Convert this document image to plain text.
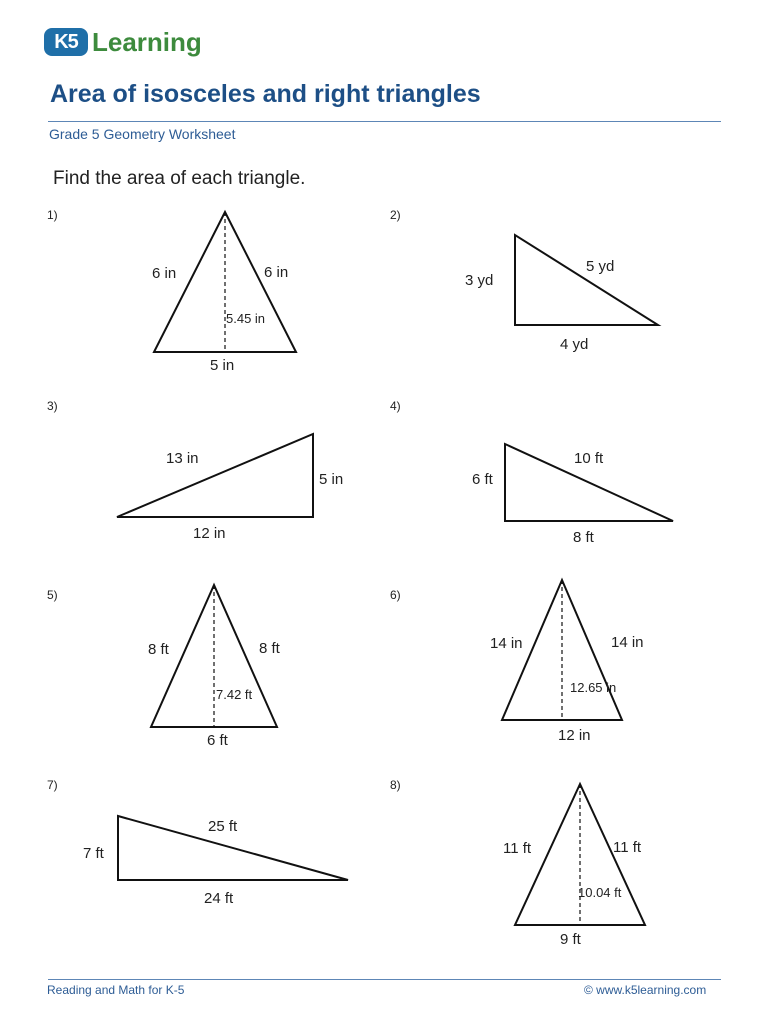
K5 Learning
Area of isosceles and right triangles
Grade 5 Geometry Worksheet
Find the area of each triangle.
1)	2)
3)	4)
5)	6)
7)	8)
6 in	6 in
5.45 in
5 in
3 yd
5 yd
4 yd
13 in
5 in
12 in
6 ft
10 ft
8 ft
8 ft	8 ft
7.42 ft
6 ft
14 in	14 in
12.65 in
12 in
7 ft
25 ft
24 ft
11 ft	11 ft
10.04 ft
9 ft
Reading and Math for K-5	© www.k5learning.com
